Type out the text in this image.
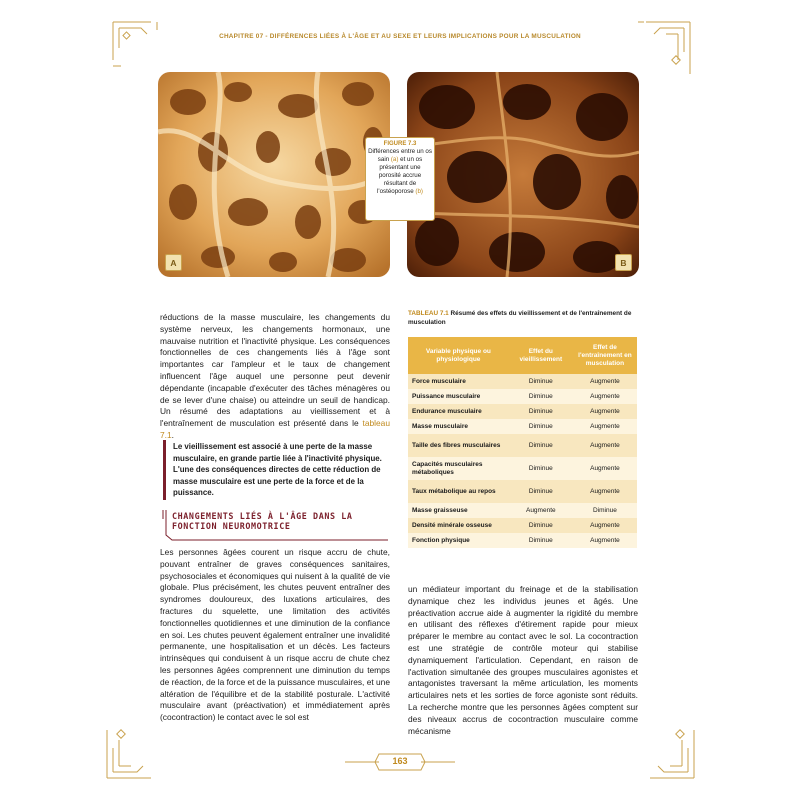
CHAPITRE 07 - DIFFÉRENCES LIÉES À L'ÂGE ET AU SEXE ET LEURS IMPLICATIONS POUR LA MUSCULATION
A	B
FIGURE 7.3
Différences entre un os sain (a) et un os présentant une porosité accrue résultant de l'ostéoporose (b)
réductions de la masse musculaire, les changements du système nerveux, les changements hormonaux, une mauvaise nutrition et l'inactivité physique. Les conséquences fonctionnelles de ces changements liés à l'âge sont importantes car l'ampleur et le taux de changement influencent l'âge auquel une personne peut devenir dépendante (incapable d'exécuter des tâches ménagères ou de se lever d'une chaise) ou atteindre un seuil de handicap. Un résumé des adaptations au vieillissement et à l'entraînement de musculation est présenté dans le tableau 7.1.
Le vieillissement est associé à une perte de la masse musculaire, en grande partie liée à l'inactivité physique. L'une des conséquences directes de cette réduction de masse musculaire est une perte de la force et de la puissance.
CHANGEMENTS LIÉS À L'ÂGE DANS LA
FONCTION NEUROMOTRICE
Les personnes âgées courent un risque accru de chute, pouvant entraîner de graves conséquences sanitaires, psychosociales et économiques qui nuisent à la qualité de vie globale. Plus précisément, les chutes peuvent entraîner des syndromes douloureux, des luxations articulaires, des fractures du squelette, une limitation des activités fonctionnelles quotidiennes et une diminution de la confiance en soi. Les chutes peuvent également entraîner une invalidité permanente, une hospitalisation et un décès. Les facteurs intrinsèques qui conduisent à un risque accru de chute chez les personnes âgées comprennent une diminution du temps de réaction, de la force et de la puissance musculaires, et une altération de l'équilibre et de la stabilité posturale. L'activité musculaire avant (préactivation) et immédiatement après (cocontraction) le contact avec le sol est
TABLEAU 7.1 Résumé des effets du vieillissement et de l'entraînement de musculation
Variable physique ou physiologique	Effet du vieillissement	Effet de l'entraînement en musculation
Force musculaire	Diminue	Augmente
Puissance musculaire	Diminue	Augmente
Endurance musculaire	Diminue	Augmente
Masse musculaire	Diminue	Augmente
Taille des fibres musculaires	Diminue	Augmente
Capacités musculaires métaboliques	Diminue	Augmente
Taux métabolique au repos	Diminue	Augmente
Masse graisseuse	Augmente	Diminue
Densité minérale osseuse	Diminue	Augmente
Fonction physique	Diminue	Augmente
un médiateur important du freinage et de la stabilisation dynamique chez les individus jeunes et âgés. Une préactivation accrue aide à augmenter la rigidité du membre en utilisant des réflexes d'étirement rapide pour mieux préparer le membre au contact avec le sol. La cocontraction est une stratégie de contrôle moteur qui stabilise dynamiquement l'articulation. Cependant, en raison de l'activation simultanée des groupes musculaires agonistes et antagonistes traversant la même articulation, les moments articulaires nets et les sorties de force agoniste sont réduits. La recherche montre que les personnes âgées comptent sur des niveaux accrus de cocontraction musculaire comme mécanisme
163
